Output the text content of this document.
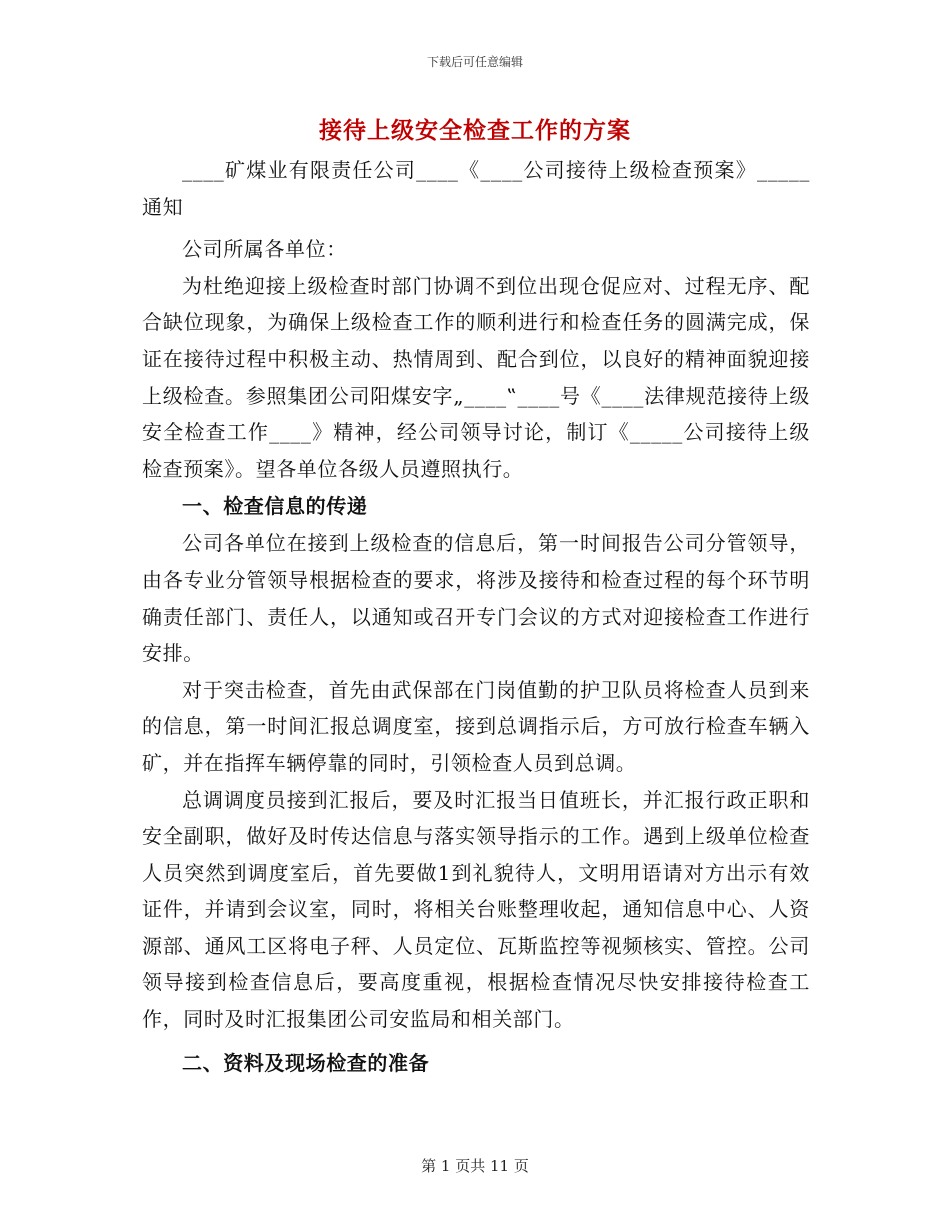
下载后可任意编辑
接待上级安全检查工作的方案

____矿煤业有限责任公司____《____公司接待上级检查预案》_____通知

公司所属各单位：

为杜绝迎接上级检查时部门协调不到位出现仓促应对、过程无序、配合缺位现象，为确保上级检查工作的顺利进行和检查任务的圆满完成，保证在接待过程中积极主动、热情周到、配合到位，以良好的精神面貌迎接上级检查。参照集团公司阳煤安字„____‟____号《____法律规范接待上级安全检查工作____》精神，经公司领导讨论，制订《_____公司接待上级检查预案》。望各单位各级人员遵照执行。

一、检查信息的传递

公司各单位在接到上级检查的信息后，第一时间报告公司分管领导，由各专业分管领导根据检查的要求，将涉及接待和检查过程的每个环节明确责任部门、责任人，以通知或召开专门会议的方式对迎接检查工作进行安排。

对于突击检查，首先由武保部在门岗值勤的护卫队员将检查人员到来的信息，第一时间汇报总调度室，接到总调指示后，方可放行检查车辆入矿，并在指挥车辆停靠的同时，引领检查人员到总调。

总调调度员接到汇报后，要及时汇报当日值班长，并汇报行政正职和安全副职，做好及时传达信息与落实领导指示的工作。遇到上级单位检查人员突然到调度室后，首先要做1到礼貌待人，文明用语请对方出示有效证件，并请到会议室，同时，将相关台账整理收起，通知信息中心、人资源部、通风工区将电子秤、人员定位、瓦斯监控等视频核实、管控。公司领导接到检查信息后，要高度重视，根据检查情况尽快安排接待检查工作，同时及时汇报集团公司安监局和相关部门。

二、资料及现场检查的准备
第 1 页共 11 页
